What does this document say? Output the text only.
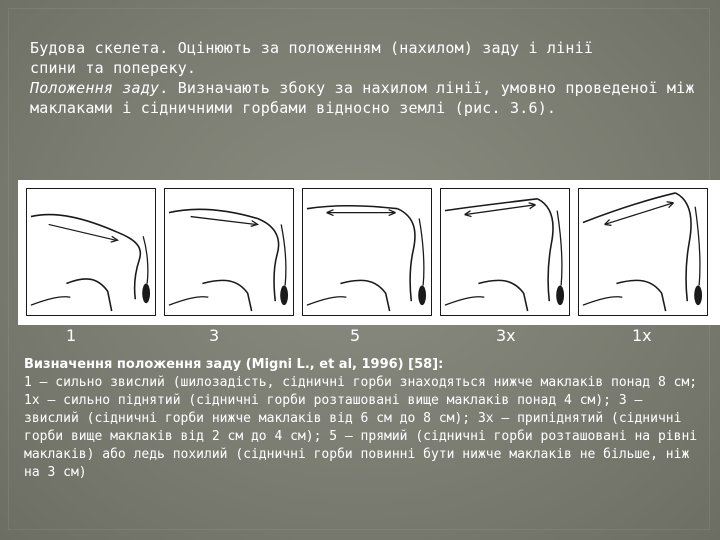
Будова скелета. Оцінюють за положенням (нахилом) заду і лінії

спини та попереку.

Положення заду. Визначають збоку за нахилом лінії, умовно проведеної між маклаками і сідничними горбами відносно землі (рис. 3.6).

1	3	5	3х	1х

Визначення положення заду (Migni L., et al, 1996) [58]:

1 – сильно звислий (шилозадість, сідничні горби знаходяться нижче маклаків понад 8 см; 1х – сильно піднятий (сідничні горби розташовані вище маклаків понад 4 см); 3 – звислий (сідничні горби нижче маклаків від 6 см до 8 см); 3х – припіднятий (сідничні горби вище маклаків від 2 см до 4 см); 5 – прямий (сідничні горби розташовані на рівні маклаків) або ледь похилий (сідничні горби повинні бути нижче маклаків не більше, ніж на 3 см)
